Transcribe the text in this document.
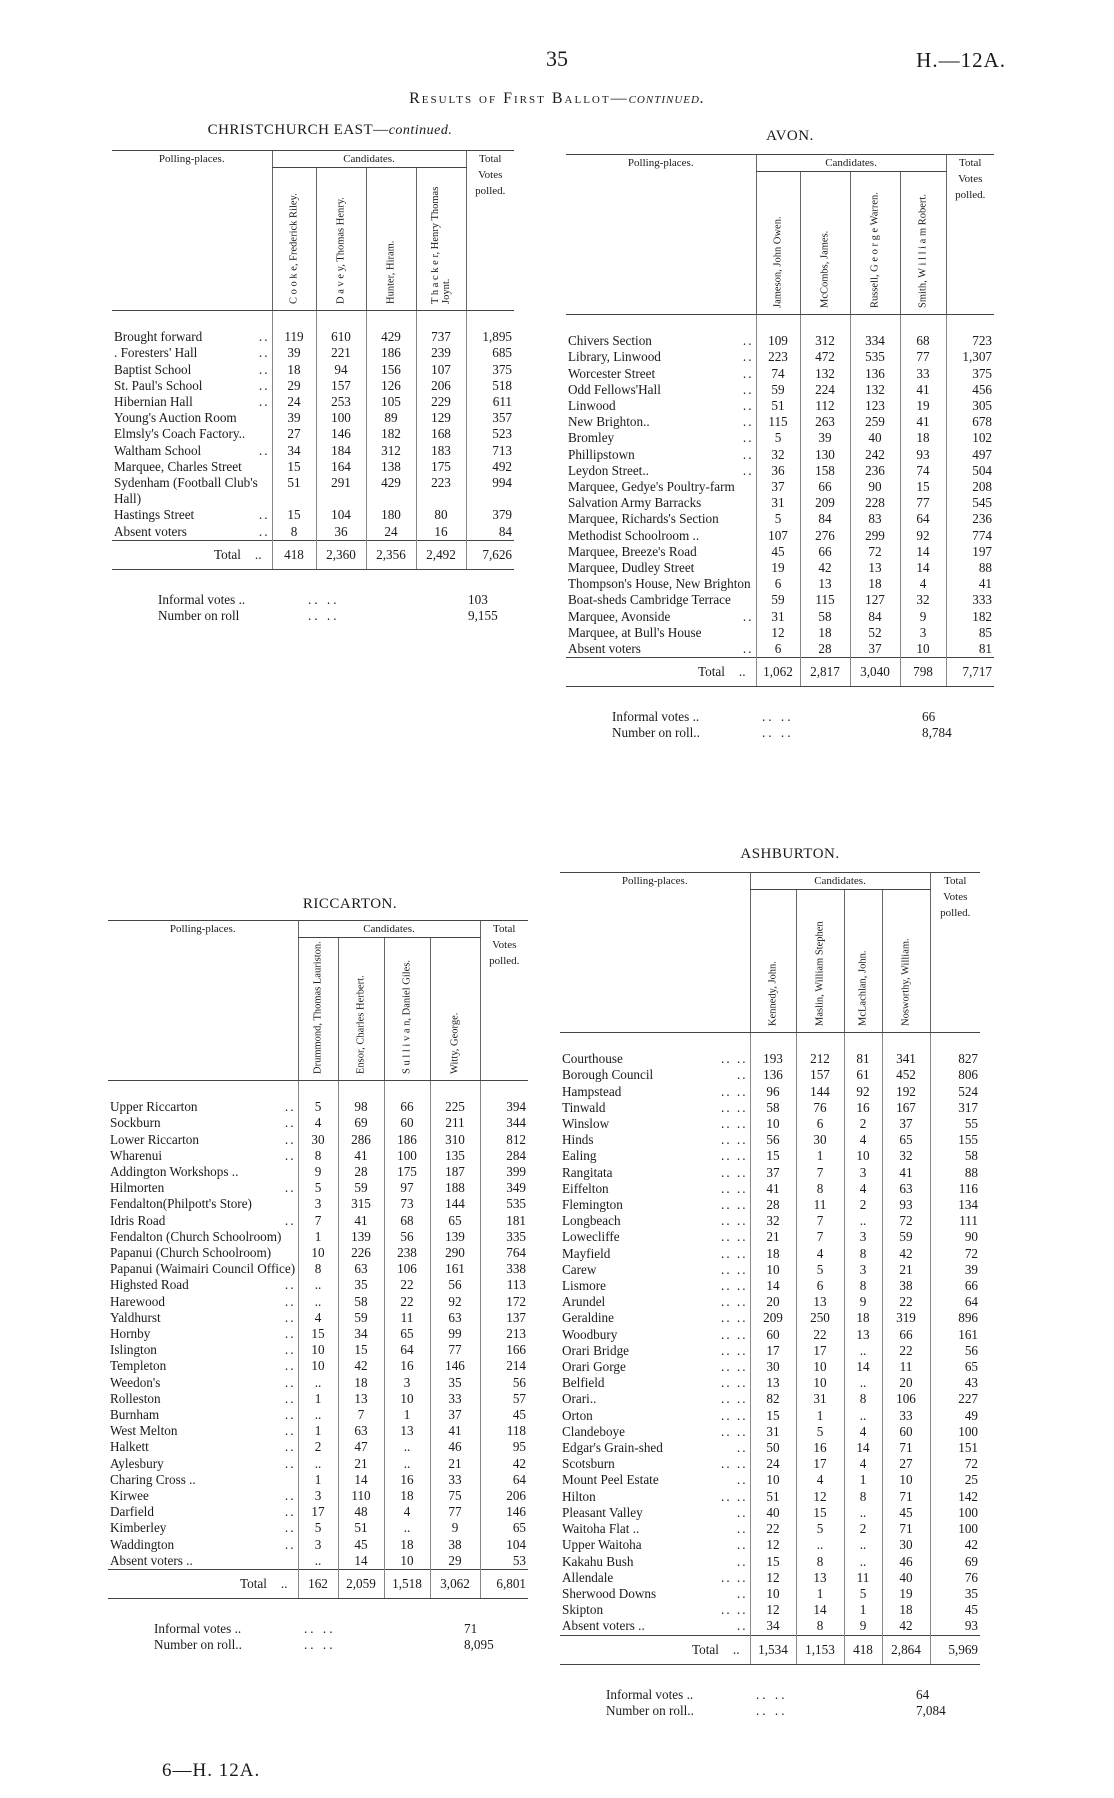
35	H.—12A.
Results of First Ballot—continued.
CHRISTCHURCH EAST—continued.
Polling-places.	Candidates.				Total Votes polled.

	C o o k e, Frederick Riley.	D a v e y, Thomas Henry.	Hunter, Hiram.	T h a c k e r, Henry Thomas Joynt.	

..
Brought forward	119	610	429	737	1,895

..
. Foresters' Hall	39	221	186	239	685

..
Baptist School	18	94	156	107	375

..
St. Paul's School	29	157	126	206	518

..
Hibernian Hall	24	253	105	229	611

Young's Auction Room	39	100	89	129	357

Elmsly's Coach Factory..	27	146	182	168	523

..
Waltham School	34	184	312	183	713

Marquee, Charles Street	15	164	138	175	492

Sydenham (Football Club's Hall)	51	291	429	223	994

..
Hastings Street	15	104	180	80	379

..
Absent voters	8	36	24	16	84
Total ..	418	2,360	2,356	2,492	7,626
Informal votes ..	.. ..	103
Number on roll	.. ..	9,155
AVON.
Polling-places.	Candidates.				Total Votes polled.

	Jameson, John Owen.	McCombs, James.	Russell, G e o r g e Warren.	Smith, W i l l i a m Robert.	

..
Chivers Section	109	312	334	68	723

..
Library, Linwood	223	472	535	77	1,307

..
Worcester Street	74	132	136	33	375

..
Odd Fellows'Hall	59	224	132	41	456

..
Linwood	51	112	123	19	305

..
New Brighton..	115	263	259	41	678

..
Bromley	5	39	40	18	102

..
Phillipstown	32	130	242	93	497

..
Leydon Street..	36	158	236	74	504

Marquee, Gedye's Poultry-farm	37	66	90	15	208

Salvation Army Barracks	31	209	228	77	545

Marquee, Richards's Section	5	84	83	64	236

Methodist Schoolroom ..	107	276	299	92	774

Marquee, Breeze's Road	45	66	72	14	197

Marquee, Dudley Street	19	42	13	14	88

Thompson's House, New Brighton	6	13	18	4	41

Boat-sheds Cambridge Terrace	59	115	127	32	333

..
Marquee, Avonside	31	58	84	9	182

Marquee, at Bull's House	12	18	52	3	85

..
Absent voters	6	28	37	10	81
Total ..	1,062	2,817	3,040	798	7,717
Informal votes ..	.. ..	66
Number on roll..	.. ..	8,784
RICCARTON.
Polling-places.	Candidates.				Total Votes polled.

	Drummond, Thomas Lauriston.	Ensor, Charles Herbert.	S u l l i v a n, Daniel Giles.	Witty, George.	

..
Upper Riccarton	5	98	66	225	394

..
Sockburn	4	69	60	211	344

..
Lower Riccarton	30	286	186	310	812

..
Wharenui	8	41	100	135	284

Addington Workshops ..	9	28	175	187	399

..
Hilmorten	5	59	97	188	349

Fendalton(Philpott's Store)	3	315	73	144	535

..
Idris Road	7	41	68	65	181

Fendalton (Church Schoolroom)	1	139	56	139	335

Papanui (Church Schoolroom)	10	226	238	290	764

Papanui (Waimairi Council Office)	8	63	106	161	338

..
Highsted Road	..	35	22	56	113

..
Harewood	..	58	22	92	172

..
Yaldhurst	4	59	11	63	137

..
Hornby	15	34	65	99	213

..
Islington	10	15	64	77	166

..
Templeton	10	42	16	146	214

..
Weedon's	..	18	3	35	56

..
Rolleston	1	13	10	33	57

..
Burnham	..	7	1	37	45

..
West Melton	1	63	13	41	118

..
Halkett	2	47	..	46	95

..
Aylesbury	..	21	..	21	42

Charing Cross ..	1	14	16	33	64

..
Kirwee	3	110	18	75	206

..
Darfield	17	48	4	77	146

..
Kimberley	5	51	..	9	65

..
Waddington	3	45	18	38	104

Absent voters ..	..	14	10	29	53
Total ..	162	2,059	1,518	3,062	6,801
Informal votes ..	.. ..	71
Number on roll..	.. ..	8,095
ASHBURTON.
Polling-places.	Candidates.				Total Votes polled.

	Kennedy, John.	Maslin, William Stephen	McLachlan, John.	Nosworthy, William.	

.. ..
Courthouse	193	212	81	341	827

..
Borough Council	136	157	61	452	806

.. ..
Hampstead	96	144	92	192	524

.. ..
Tinwald	58	76	16	167	317

.. ..
Winslow	10	6	2	37	55

.. ..
Hinds	56	30	4	65	155

.. ..
Ealing	15	1	10	32	58

.. ..
Rangitata	37	7	3	41	88

.. ..
Eiffelton	41	8	4	63	116

.. ..
Flemington	28	11	2	93	134

.. ..
Longbeach	32	7	..	72	111

.. ..
Lowecliffe	21	7	3	59	90

.. ..
Mayfield	18	4	8	42	72

.. ..
Carew	10	5	3	21	39

.. ..
Lismore	14	6	8	38	66

.. ..
Arundel	20	13	9	22	64

.. ..
Geraldine	209	250	18	319	896

.. ..
Woodbury	60	22	13	66	161

.. ..
Orari Bridge	17	17	..	22	56

.. ..
Orari Gorge	30	10	14	11	65

.. ..
Belfield	13	10	..	20	43

.. ..
Orari..	82	31	8	106	227

.. ..
Orton	15	1	..	33	49

.. ..
Clandeboye	31	5	4	60	100

..
Edgar's Grain-shed	50	16	14	71	151

.. ..
Scotsburn	24	17	4	27	72

..
Mount Peel Estate	10	4	1	10	25

.. ..
Hilton	51	12	8	71	142

..
Pleasant Valley	40	15	..	45	100

..
Waitoha Flat ..	22	5	2	71	100

..
Upper Waitoha	12	..	..	30	42

..
Kakahu Bush	15	8	..	46	69

.. ..
Allendale	12	13	11	40	76

..
Sherwood Downs	10	1	5	19	35

.. ..
Skipton	12	14	1	18	45

..
Absent voters ..	34	8	9	42	93
Total ..	1,534	1,153	418	2,864	5,969
Informal votes ..	.. ..	64
Number on roll..	.. ..	7,084
6—H. 12A.
